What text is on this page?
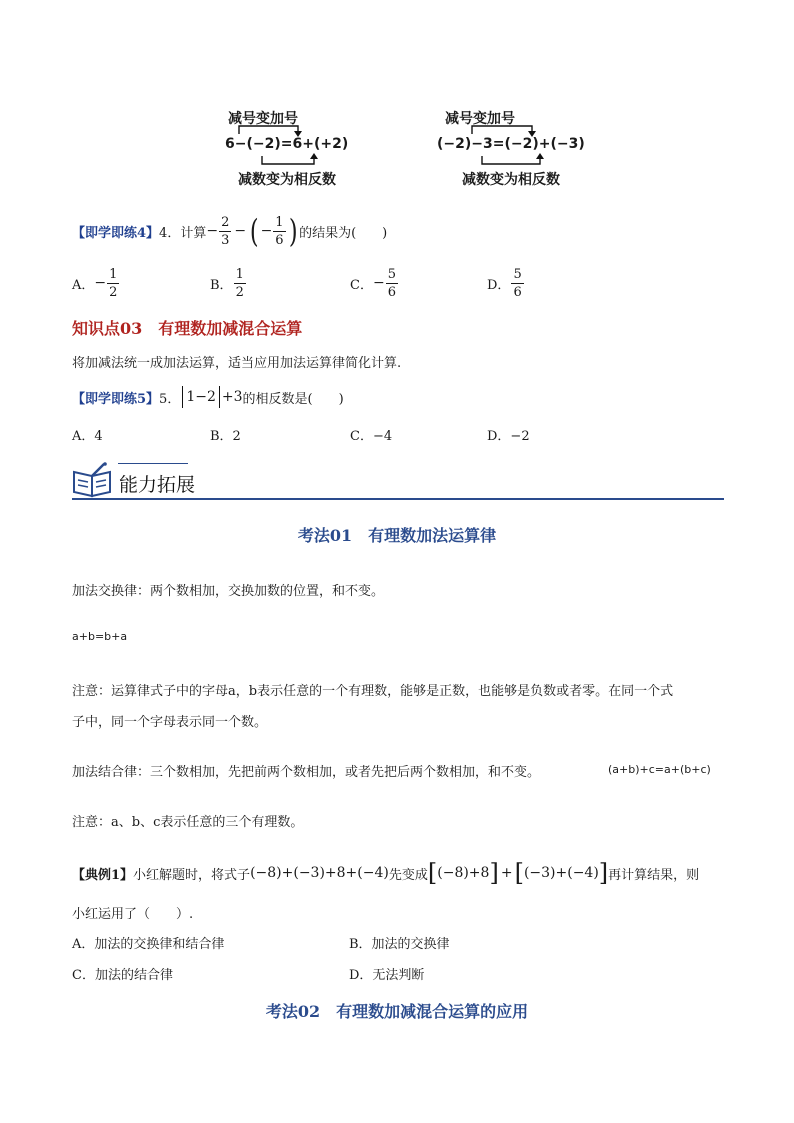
减号变加号
6−(−2)=6+(+2)
减数变为相反数
减号变加号
(−2)−3=(−2)+(−3)
减数变为相反数
【即学即练4】 4．计算 − $\frac{2}{3}$ − ( − $\frac{1}{6}$ ) 的结果为(　　)
A． − $\frac{1}{2}$	B． $\frac{1}{2}$	C． − $\frac{5}{6}$	D． $\frac{5}{6}$
知识点03　有理数加减混合运算
将加减法统一成加法运算，适当应用加法运算律简化计算.
【即学即练5】 5． 1−2 +3 的相反数是(　　)
A．4	B．2	C．−4	D．−2
能力拓展
考法01　有理数加法运算律
加法交换律：两个数相加，交换加数的位置，和不变。
a+b=b+a
注意：运算律式子中的字母a，b表示任意的一个有理数，能够是正数，也能够是负数或者零。在同一个式
子中，同一个字母表示同一个数。
加法结合律：三个数相加，先把前两个数相加，或者先把后两个数相加，和不变。	(a+b)+c=a+(b+c)
注意：a、b、c表示任意的三个有理数。
【典例1】 小红解题时，将式子 (−8)+(−3)+8+(−4) 先变成 [ (−8)+8 ] + [ (−3)+(−4) ] 再计算结果，则
小红运用了（　　）.
A．加法的交换律和结合律	B．加法的交换律
C．加法的结合律	D．无法判断
考法02　有理数加减混合运算的应用
